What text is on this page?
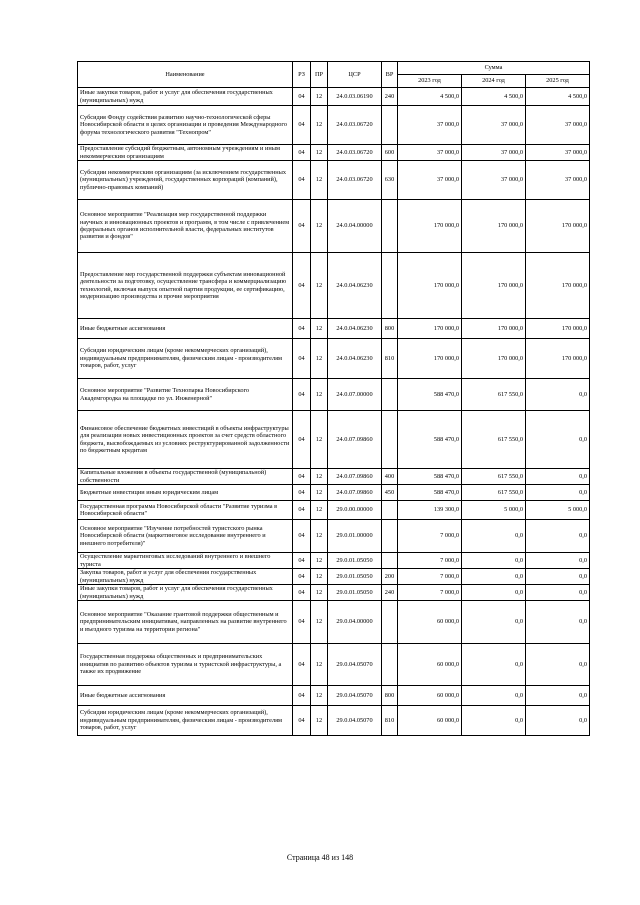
Наименование	РЗ	ПР	ЦСР	ВР	Сумма		
					2023 год	2024 год	2025 год
Иные закупки товаров, работ и услуг для обеспечения государственных (муниципальных) нужд	04	12	24.0.03.06190	240	4 500,0	4 500,0	4 500,0
Субсидия Фонду содействия развитию научно-технологической сферы Новосибирской области в целях организации и проведения Международного форума технологического развития "Технопром"	04	12	24.0.03.06720		37 000,0	37 000,0	37 000,0
Предоставление субсидий бюджетным, автономным учреждениям и иным некоммерческим организациям	04	12	24.0.03.06720	600	37 000,0	37 000,0	37 000,0
Субсидии некоммерческим организациям (за исключением государственных (муниципальных) учреждений, государственных корпораций (компаний), публично-правовых компаний)	04	12	24.0.03.06720	630	37 000,0	37 000,0	37 000,0
Основное мероприятие "Реализация мер государственной поддержки научных и инновационных проектов и программ, в том числе с привлечением федеральных органов исполнительной власти, федеральных институтов развития и фондов"	04	12	24.0.04.00000		170 000,0	170 000,0	170 000,0
Предоставление мер государственной поддержки субъектам инновационной деятельности за подготовку, осуществление трансфера и коммерциализацию технологий, включая выпуск опытной партии продукции, ее сертификацию, модернизацию производства и прочие мероприятия	04	12	24.0.04.06230		170 000,0	170 000,0	170 000,0
Иные бюджетные ассигнования	04	12	24.0.04.06230	800	170 000,0	170 000,0	170 000,0
Субсидии юридическим лицам (кроме некоммерческих организаций), индивидуальным предпринимателям, физическим лицам - производителям товаров, работ, услуг	04	12	24.0.04.06230	810	170 000,0	170 000,0	170 000,0
Основное мероприятие "Развитие Технопарка Новосибирского Академгородка на площадке по ул. Инженерной"	04	12	24.0.07.00000		588 470,0	617 550,0	0,0
Финансовое обеспечение бюджетных инвестиций в объекты инфраструктуры для реализации новых инвестиционных проектов за счет средств областного бюджета, высвобождаемых из условиях реструктурированной задолженности по бюджетным кредитам	04	12	24.0.07.09860		588 470,0	617 550,0	0,0
Капитальные вложения в объекты государственной (муниципальной) собственности	04	12	24.0.07.09860	400	588 470,0	617 550,0	0,0
Бюджетные инвестиции иным юридическим лицам	04	12	24.0.07.09860	450	588 470,0	617 550,0	0,0
Государственная программа Новосибирской области "Развитие туризма в Новосибирской области"	04	12	29.0.00.00000		139 300,0	5 000,0	5 000,0
Основное мероприятие "Изучение потребностей туристского рынка Новосибирской области (маркетинговое исследование внутреннего и внешнего потребителя)"	04	12	29.0.01.00000		7 000,0	0,0	0,0
Осуществление маркетинговых исследований внутреннего и внешнего туриста	04	12	29.0.01.05050		7 000,0	0,0	0,0
Закупка товаров, работ и услуг для обеспечения государственных (муниципальных) нужд	04	12	29.0.01.05050	200	7 000,0	0,0	0,0
Иные закупки товаров, работ и услуг для обеспечения государственных (муниципальных) нужд	04	12	29.0.01.05050	240	7 000,0	0,0	0,0
Основное мероприятие "Оказание грантовой поддержки общественным и предпринимательским инициативам, направленных на развитие внутреннего и въездного туризма на территории региона"	04	12	29.0.04.00000		60 000,0	0,0	0,0
Государственная поддержка общественных и предпринимательских инициатив по развитию объектов туризма и туристской инфраструктуры, а также их продвижение	04	12	29.0.04.05070		60 000,0	0,0	0,0
Иные бюджетные ассигнования	04	12	29.0.04.05070	800	60 000,0	0,0	0,0
Субсидии юридическим лицам (кроме некоммерческих организаций), индивидуальным предпринимателям, физическим лицам - производителям товаров, работ, услуг	04	12	29.0.04.05070	810	60 000,0	0,0	0,0
Страница 48 из 148
